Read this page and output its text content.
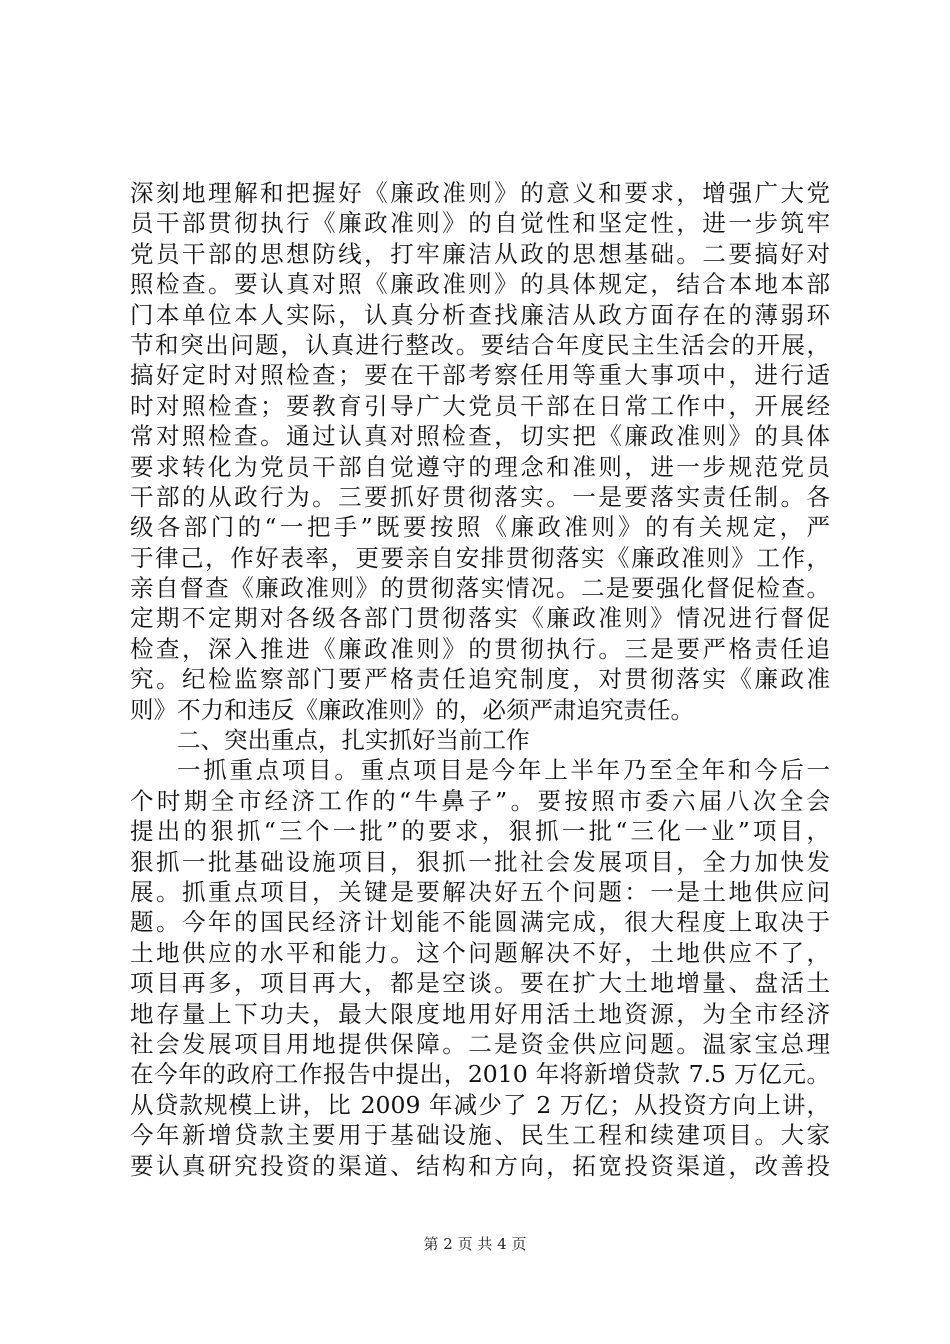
深刻地理解和把握好《廉政准则》的意义和要求，增强广大党
员干部贯彻执行《廉政准则》的自觉性和坚定性，进一步筑牢
党员干部的思想防线，打牢廉洁从政的思想基础。二要搞好对
照检查。要认真对照《廉政准则》的具体规定，结合本地本部
门本单位本人实际，认真分析查找廉洁从政方面存在的薄弱环
节和突出问题，认真进行整改。要结合年度民主生活会的开展，
搞好定时对照检查；要在干部考察任用等重大事项中，进行适
时对照检查；要教育引导广大党员干部在日常工作中，开展经
常对照检查。通过认真对照检查，切实把《廉政准则》的具体
要求转化为党员干部自觉遵守的理念和准则，进一步规范党员
干部的从政行为。三要抓好贯彻落实。一是要落实责任制。各
级各部门的“一把手”既要按照《廉政准则》的有关规定，严
于律己，作好表率，更要亲自安排贯彻落实《廉政准则》工作，
亲自督查《廉政准则》的贯彻落实情况。二是要强化督促检查。
定期不定期对各级各部门贯彻落实《廉政准则》情况进行督促
检查，深入推进《廉政准则》的贯彻执行。三是要严格责任追
究。纪检监察部门要严格责任追究制度，对贯彻落实《廉政准
则》不力和违反《廉政准则》的，必须严肃追究责任。
二、突出重点，扎实抓好当前工作
一抓重点项目。重点项目是今年上半年乃至全年和今后一
个时期全市经济工作的“牛鼻子”。要按照市委六届八次全会
提出的狠抓“三个一批”的要求，狠抓一批“三化一业”项目，
狠抓一批基础设施项目，狠抓一批社会发展项目，全力加快发
展。抓重点项目，关键是要解决好五个问题：一是土地供应问
题。今年的国民经济计划能不能圆满完成，很大程度上取决于
土地供应的水平和能力。这个问题解决不好，土地供应不了，
项目再多，项目再大，都是空谈。要在扩大土地增量、盘活土
地存量上下功夫，最大限度地用好用活土地资源，为全市经济
社会发展项目用地提供保障。二是资金供应问题。温家宝总理
在今年的政府工作报告中提出，2010 年将新增贷款 7.5 万亿元。
从贷款规模上讲，比 2009 年减少了 2 万亿；从投资方向上讲，
今年新增贷款主要用于基础设施、民生工程和续建项目。大家
要认真研究投资的渠道、结构和方向，拓宽投资渠道，改善投
第 2 页 共 4 页
